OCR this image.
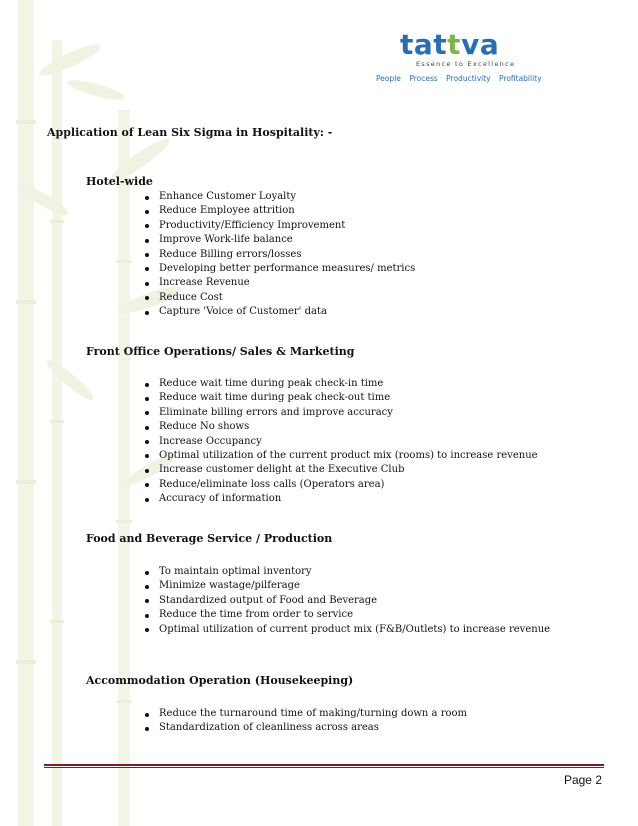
tattva
Essence to Excellence
People Process Productivity Profitability
Application of Lean Six Sigma in Hospitality: -
Hotel-wide
Enhance Customer Loyalty
Reduce Employee attrition
Productivity/Efficiency Improvement
Improve Work-life balance
Reduce Billing errors/losses
Developing better performance measures/ metrics
Increase Revenue
Reduce Cost
Capture 'Voice of Customer' data
Front Office Operations/ Sales & Marketing
Reduce wait time during peak check-in time
Reduce wait time during peak check-out time
Eliminate billing errors and improve accuracy
Reduce No shows
Increase Occupancy
Optimal utilization of the current product mix (rooms) to increase revenue
Increase customer delight at the Executive Club
Reduce/eliminate loss calls (Operators area)
Accuracy of information
Food and Beverage Service / Production
To maintain optimal inventory
Minimize wastage/pilferage
Standardized output of Food and Beverage
Reduce the time from order to service
Optimal utilization of current product mix (F&B/Outlets) to increase revenue
Accommodation Operation (Housekeeping)
Reduce the turnaround time of making/turning down a room
Standardization of cleanliness across areas
Page 2
